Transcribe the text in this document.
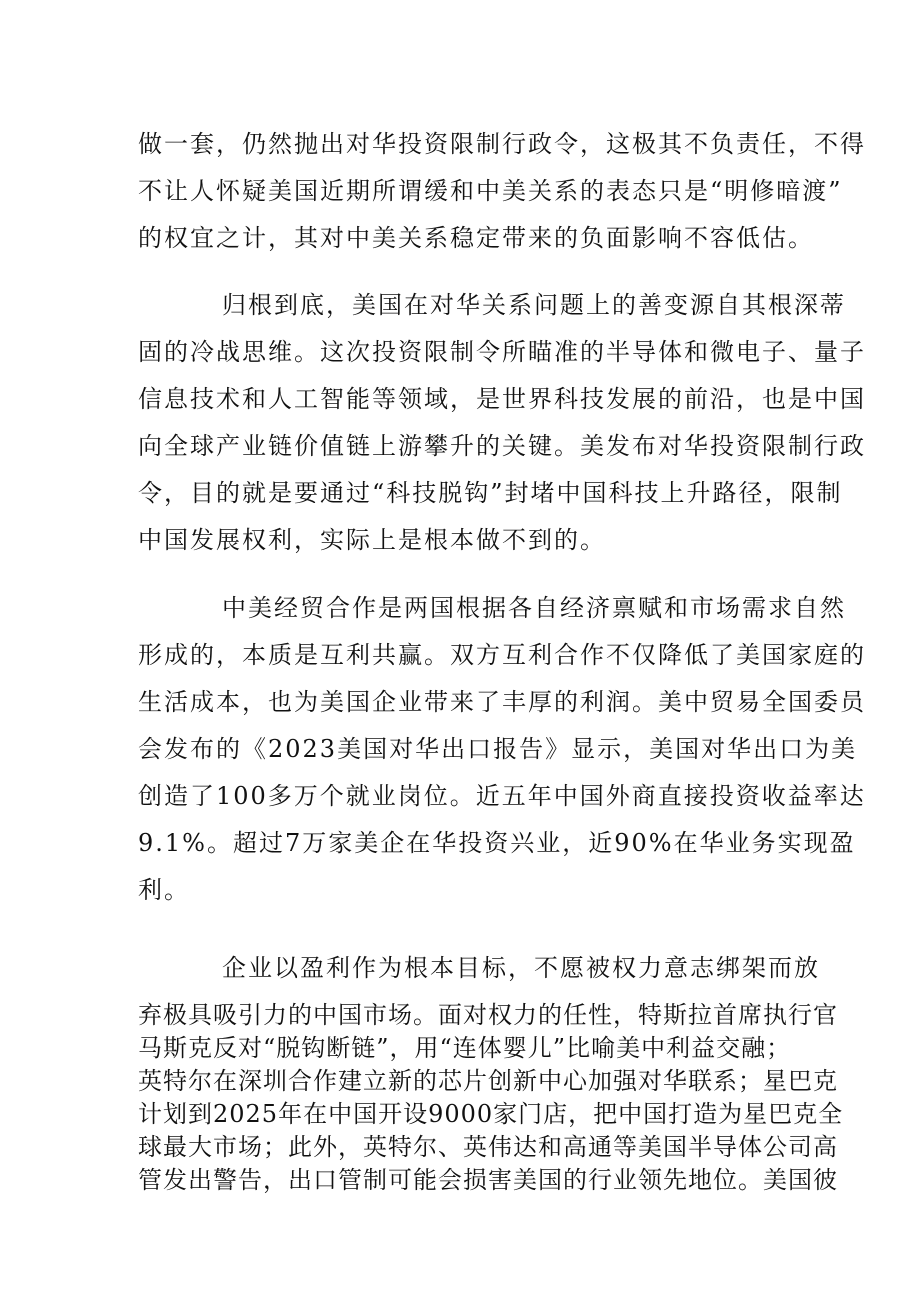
做一套，仍然抛出对华投资限制行政令，这极其不负责任，不得
不让人怀疑美国近期所谓缓和中美关系的表态只是“明修暗渡”
的权宜之计，其对中美关系稳定带来的负面影响不容低估。
归根到底，美国在对华关系问题上的善变源自其根深蒂
固的冷战思维。这次投资限制令所瞄准的半导体和微电子、量子
信息技术和人工智能等领域，是世界科技发展的前沿，也是中国
向全球产业链价值链上游攀升的关键。美发布对华投资限制行政
令，目的就是要通过“科技脱钩”封堵中国科技上升路径，限制
中国发展权利，实际上是根本做不到的。
中美经贸合作是两国根据各自经济禀赋和市场需求自然
形成的，本质是互利共赢。双方互利合作不仅降低了美国家庭的
生活成本，也为美国企业带来了丰厚的利润。美中贸易全国委员
会发布的《2023美国对华出口报告》显示，美国对华出口为美
创造了100多万个就业岗位。近五年中国外商直接投资收益率达
9.1%。超过7万家美企在华投资兴业，近90%在华业务实现盈
利。
企业以盈利作为根本目标，不愿被权力意志绑架而放
弃极具吸引力的中国市场。面对权力的任性，特斯拉首席执行官
马斯克反对“脱钩断链”，用“连体婴儿”比喻美中利益交融；
英特尔在深圳合作建立新的芯片创新中心加强对华联系；星巴克
计划到2025年在中国开设9000家门店，把中国打造为星巴克全
球最大市场；此外，英特尔、英伟达和高通等美国半导体公司高
管发出警告，出口管制可能会损害美国的行业领先地位。美国彼
